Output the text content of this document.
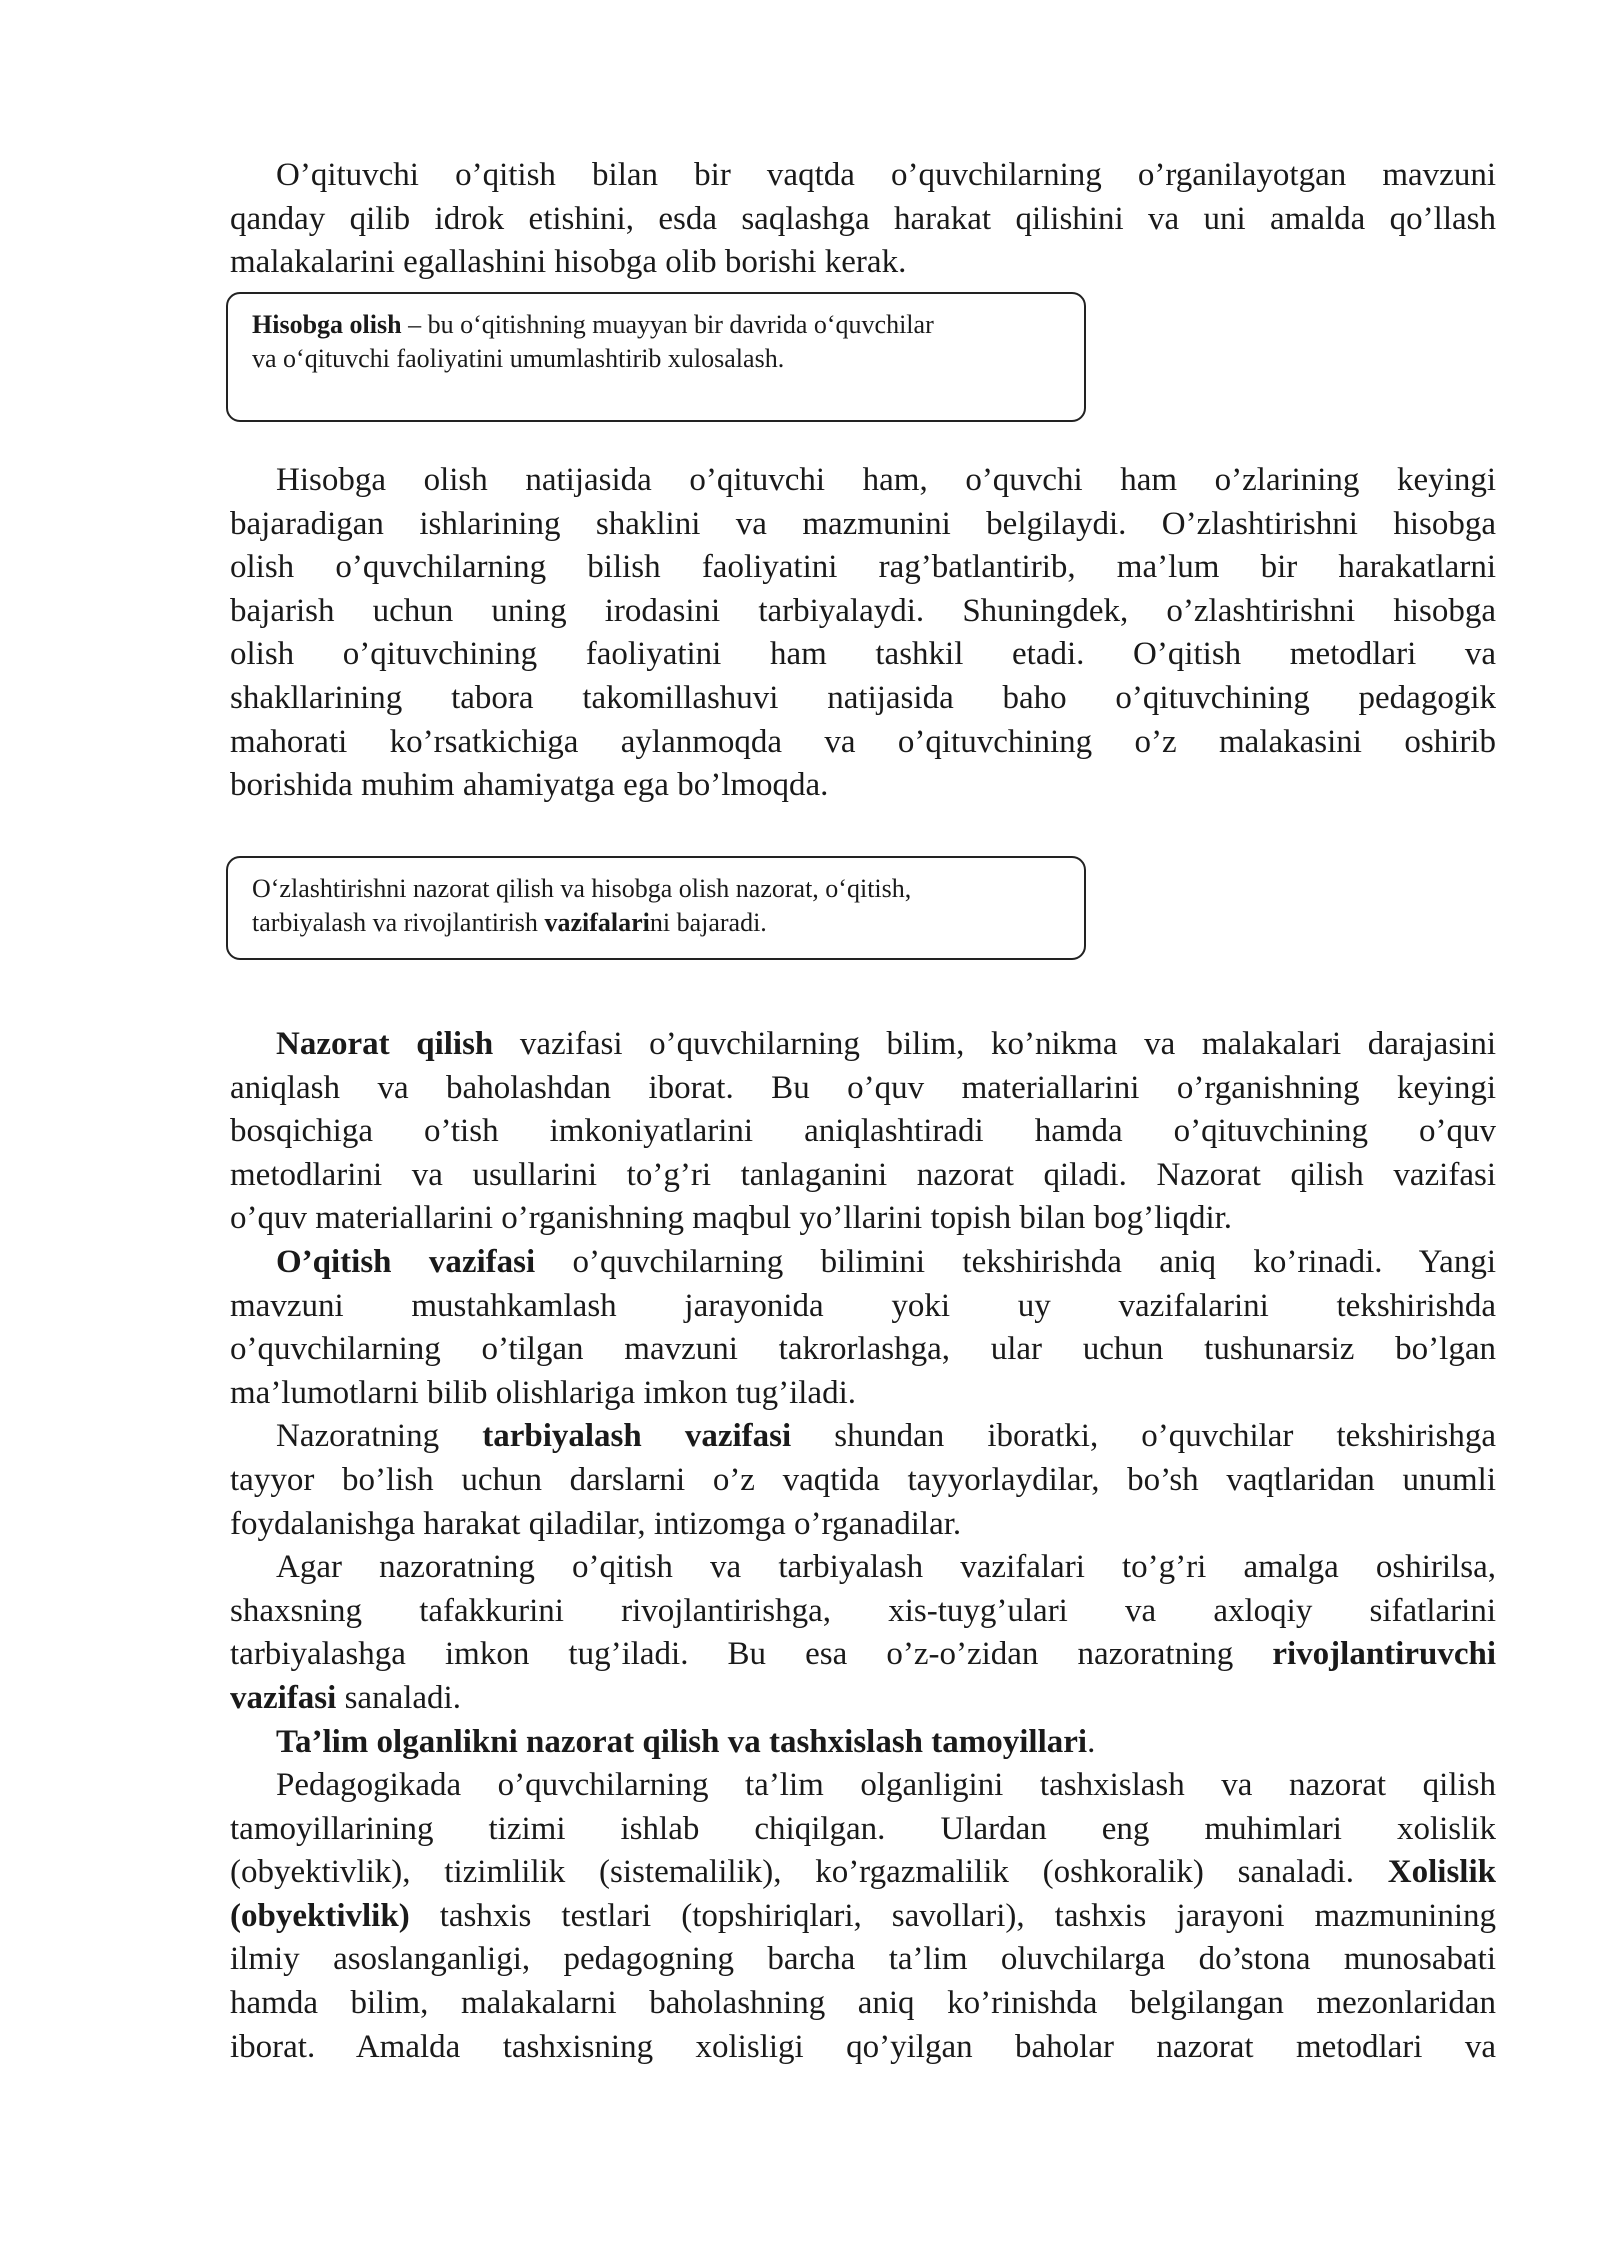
O’qituvchi o’qitish bilan bir vaqtda o’quvchilarning o’rganilayotgan mavzuni
qanday qilib idrok etishini, esda saqlashga harakat qilishini va uni amalda qo’llash
malakalarini egallashini hisobga olib borishi kerak.
Hisobga olish – bu o‘qitishning muayyan bir davrida o‘quvchilar
va o‘qituvchi faoliyatini umumlashtirib xulosalash.
Hisobga olish natijasida o’qituvchi ham, o’quvchi ham o’zlarining keyingi
bajaradigan ishlarining shaklini va mazmunini belgilaydi. O’zlashtirishni hisobga
olish o’quvchilarning bilish faoliyatini rag’batlantirib, ma’lum bir harakatlarni
bajarish uchun uning irodasini tarbiyalaydi. Shuningdek, o’zlashtirishni hisobga
olish o’qituvchining faoliyatini ham tashkil etadi. O’qitish metodlari va
shakllarining tabora takomillashuvi natijasida baho o’qituvchining pedagogik
mahorati ko’rsatkichiga aylanmoqda va o’qituvchining o’z malakasini oshirib
borishida muhim ahamiyatga ega bo’lmoqda.
O‘zlashtirishni nazorat qilish va hisobga olish nazorat, o‘qitish,
tarbiyalash va rivojlantirish vazifalarini bajaradi.
Nazorat qilish vazifasi o’quvchilarning bilim, ko’nikma va malakalari darajasini
aniqlash va baholashdan iborat. Bu o’quv materiallarini o’rganishning keyingi
bosqichiga o’tish imkoniyatlarini aniqlashtiradi hamda o’qituvchining o’quv
metodlarini va usullarini to’g’ri tanlaganini nazorat qiladi. Nazorat qilish vazifasi
o’quv materiallarini o’rganishning maqbul yo’llarini topish bilan bog’liqdir.
O’qitish vazifasi o’quvchilarning bilimini tekshirishda aniq ko’rinadi. Yangi
mavzuni mustahkamlash jarayonida yoki uy vazifalarini tekshirishda
o’quvchilarning o’tilgan mavzuni takrorlashga, ular uchun tushunarsiz bo’lgan
ma’lumotlarni bilib olishlariga imkon tug’iladi.
Nazoratning tarbiyalash vazifasi shundan iboratki, o’quvchilar tekshirishga
tayyor bo’lish uchun darslarni o’z vaqtida tayyorlaydilar, bo’sh vaqtlaridan unumli
foydalanishga harakat qiladilar, intizomga o’rganadilar.
Agar nazoratning o’qitish va tarbiyalash vazifalari to’g’ri amalga oshirilsa,
shaxsning tafakkurini rivojlantirishga, xis-tuyg’ulari va axloqiy sifatlarini
tarbiyalashga imkon tug’iladi. Bu esa o’z-o’zidan nazoratning rivojlantiruvchi
vazifasi sanaladi.
Ta’lim olganlikni nazorat qilish va tashxislash tamoyillari.
Pedagogikada o’quvchilarning ta’lim olganligini tashxislash va nazorat qilish
tamoyillarining tizimi ishlab chiqilgan. Ulardan eng muhimlari xolislik
(obyektivlik), tizimlilik (sistemalilik), ko’rgazmalilik (oshkoralik) sanaladi. Xolislik
(obyektivlik) tashxis testlari (topshiriqlari, savollari), tashxis jarayoni mazmunining
ilmiy asoslanganligi, pedagogning barcha ta’lim oluvchilarga do’stona munosabati
hamda bilim, malakalarni baholashning aniq ko’rinishda belgilangan mezonlaridan
iborat. Amalda tashxisning xolisligi qo’yilgan baholar nazorat metodlari va
